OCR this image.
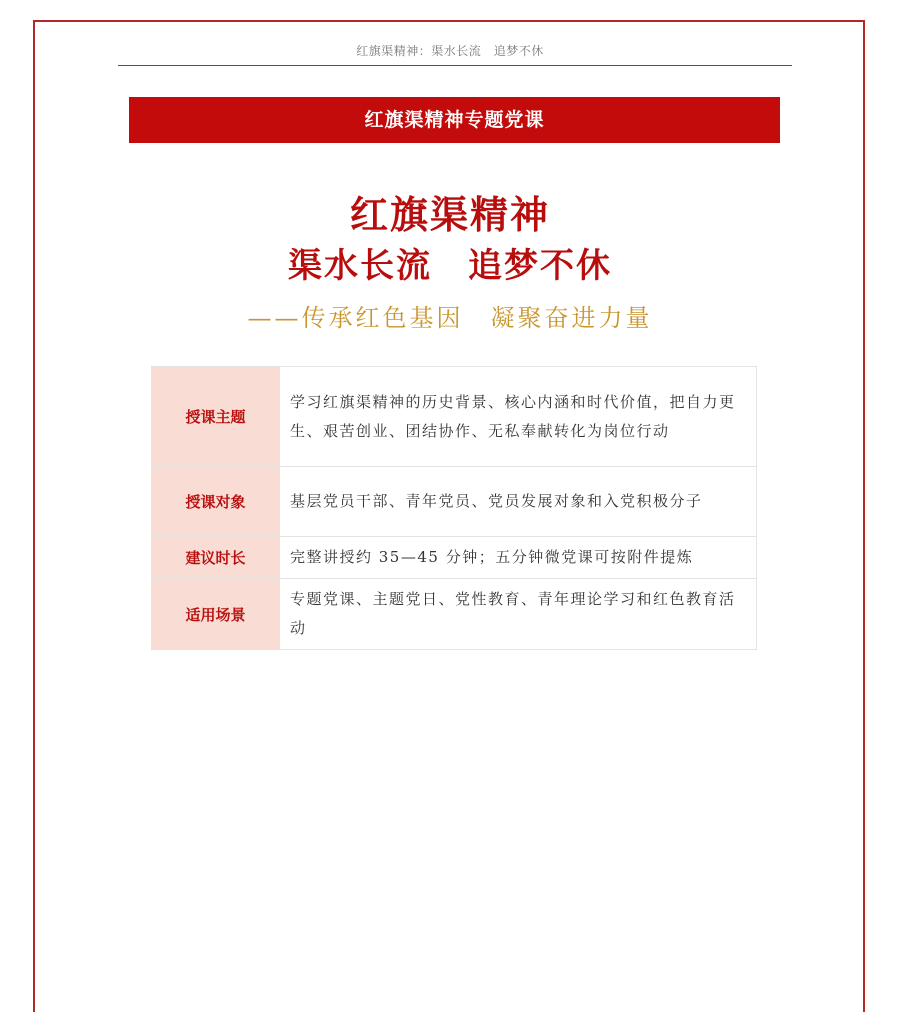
红旗渠精神：渠水长流　追梦不休
红旗渠精神专题党课
红旗渠精神
渠水长流　追梦不休
——传承红色基因　凝聚奋进力量
授课主题	学习红旗渠精神的历史背景、核心内涵和时代价值，把自力更生、艰苦创业、团结协作、无私奉献转化为岗位行动
授课对象	基层党员干部、青年党员、党员发展对象和入党积极分子
建议时长	完整讲授约 35—45 分钟；五分钟微党课可按附件提炼
适用场景	专题党课、主题党日、党性教育、青年理论学习和红色教育活动
